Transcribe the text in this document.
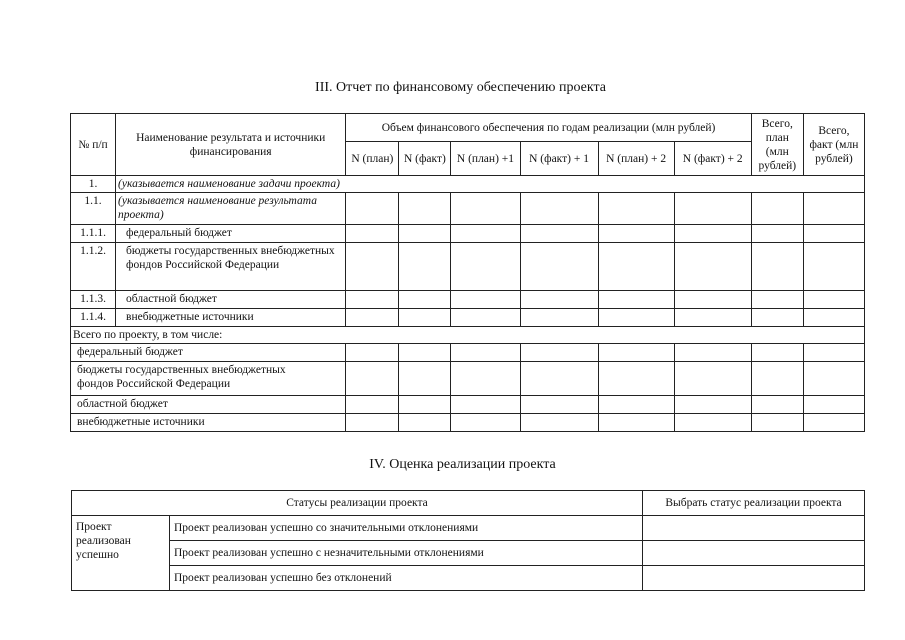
III. Отчет по финансовому обеспечению проекта
№ п/п	Наименование результата и источники финансирования	Объем финансового обеспечения по годам реализации (млн рублей)						Всего, план (млн рублей)	Всего, факт (млн рублей)
		N (план)	N (факт)	N (план) +1	N (факт) + 1	N (план) + 2	N (факт) + 2		
1.	(указывается наименование задачи проекта)								
1.1.	(указывается наименование результата проекта)								
1.1.1.	федеральный бюджет								
1.1.2.	бюджеты государственных внебюджетных фондов Российской Федерации								
1.1.3.	областной бюджет								
1.1.4.	внебюджетные источники								
Всего по проекту, в том числе:									
федеральный бюджет									

бюджеты государственных внебюджетных фондов Российской Федерации									

областной бюджет									
внебюджетные источники									
IV. Оценка реализации проекта
Статусы реализации проекта		Выбрать статус реализации проекта
Проект реализован успешно	Проект реализован успешно со значительными отклонениями	
	Проект реализован успешно с незначительными отклонениями	
	Проект реализован успешно без отклонений	
